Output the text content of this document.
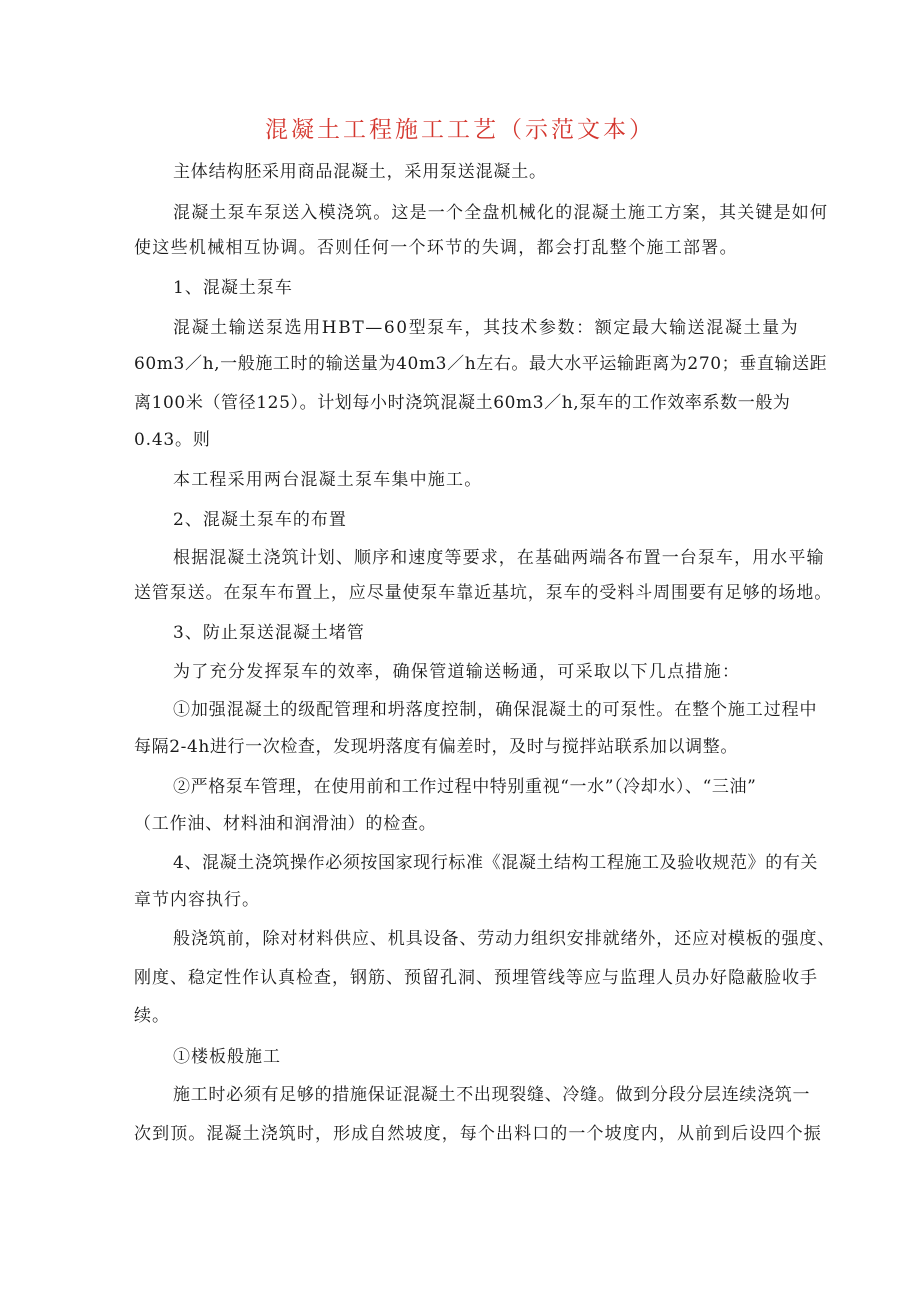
混凝土工程施工工艺（示范文本）
主体结构胚采用商品混凝土，采用泵送混凝土。
混凝土泵车泵送入模浇筑。这是一个全盘机械化的混凝土施工方案，其关键是如何
使这些机械相互协调。否则任何一个环节的失调，都会打乱整个施工部署。
1、混凝土泵车
混凝土输送泵选用HBT—60型泵车，其技术参数：额定最大输送混凝土量为
60m3／h,一般施工时的输送量为40m3／h左右。最大水平运输距离为270；垂直输送距
离100米（管径125）。计划每小时浇筑混凝土60m3／h,泵车的工作效率系数一般为
0.43。则
本工程采用两台混凝土泵车集中施工。
2、混凝土泵车的布置
根据混凝土浇筑计划、顺序和速度等要求，在基础两端各布置一台泵车，用水平输
送管泵送。在泵车布置上，应尽量使泵车靠近基坑，泵车的受料斗周围要有足够的场地。
3、防止泵送混凝土堵管
为了充分发挥泵车的效率，确保管道输送畅通，可采取以下几点措施：
①加强混凝土的级配管理和坍落度控制，确保混凝土的可泵性。在整个施工过程中
每隔2-4h进行一次检查，发现坍落度有偏差时，及时与搅拌站联系加以调整。
②严格泵车管理，在使用前和工作过程中特别重视“一水”（冷却水）、“三油”
（工作油、材料油和润滑油）的检查。
4、混凝土浇筑操作必须按国家现行标准《混凝土结构工程施工及验收规范》的有关
章节内容执行。
般浇筑前，除对材料供应、机具设备、劳动力组织安排就绪外，还应对模板的强度、
刚度、稳定性作认真检查，钢筋、预留孔洞、预埋管线等应与监理人员办好隐蔽脸收手
续。
①楼板般施工
施工时必须有足够的措施保证混凝土不出现裂缝、冷缝。做到分段分层连续浇筑一
次到顶。混凝土浇筑时，形成自然坡度，每个出料口的一个坡度内，从前到后设四个振
